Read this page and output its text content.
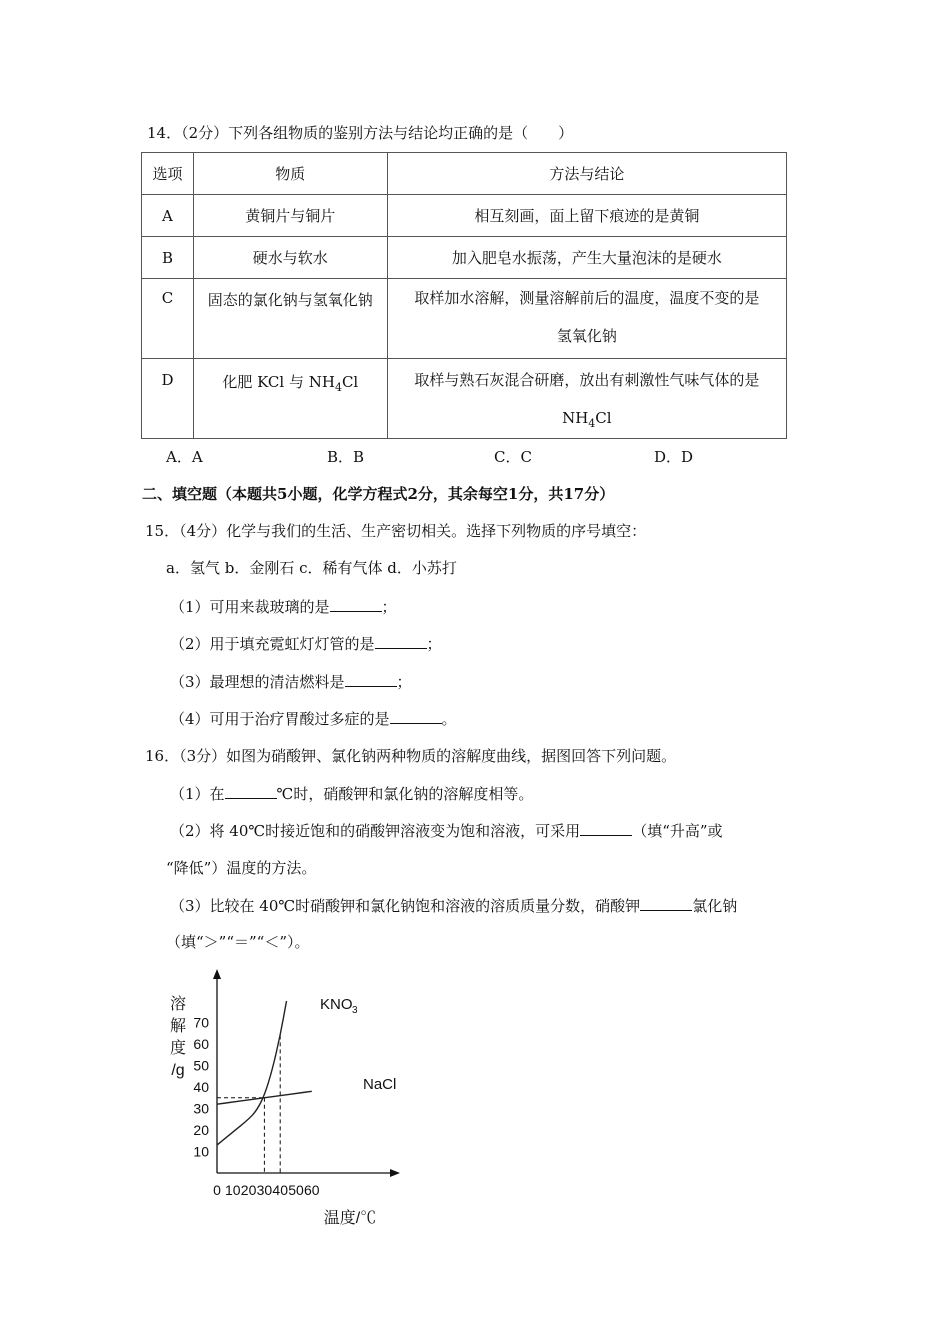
14．（2分）下列各组物质的鉴别方法与结论均正确的是（　　）
选项	物质	方法与结论
A	黄铜片与铜片	相互刻画，面上留下痕迹的是黄铜
B	硬水与软水	加入肥皂水振荡，产生大量泡沫的是硬水
C	固态的氯化钠与氢氧化钠	取样加水溶解，测量溶解前后的温度，温度不变的是
氢氧化钠

D	化肥 KCl 与 $NH_4Cl$	取样与熟石灰混合研磨，放出有刺激性气味气体的是
$NH_4Cl$
A．A	B．B	C．C	D．D
二、填空题（本题共5小题，化学方程式2分，其余每空1分，共17分）
15．（4分）化学与我们的生活、生产密切相关。选择下列物质的序号填空：
a．氢气 b．金刚石 c．稀有气体 d．小苏打
（1）可用来裁玻璃的是	；
（2）用于填充霓虹灯灯管的是	；
（3）最理想的清洁燃料是	；
（4）可用于治疗胃酸过多症的是	。
16．（3分）如图为硝酸钾、氯化钠两种物质的溶解度曲线，据图回答下列问题。
（1）在	℃时，硝酸钾和氯化钠的溶解度相等。
（2）将 40℃时接近饱和的硝酸钾溶液变为饱和溶液，可采用	（填“升高”或
“降低”）温度的方法。
（3）比较在 40℃时硝酸钾和氯化钠饱和溶液的溶质质量分数，硝酸钾	氯化钠
（填“＞”“＝”“＜”）。
溶
解
度
/g
0 10 20 30 40 50 60
10
20
30
40
50
60
70
温度/℃
KNO 3
NaCl
